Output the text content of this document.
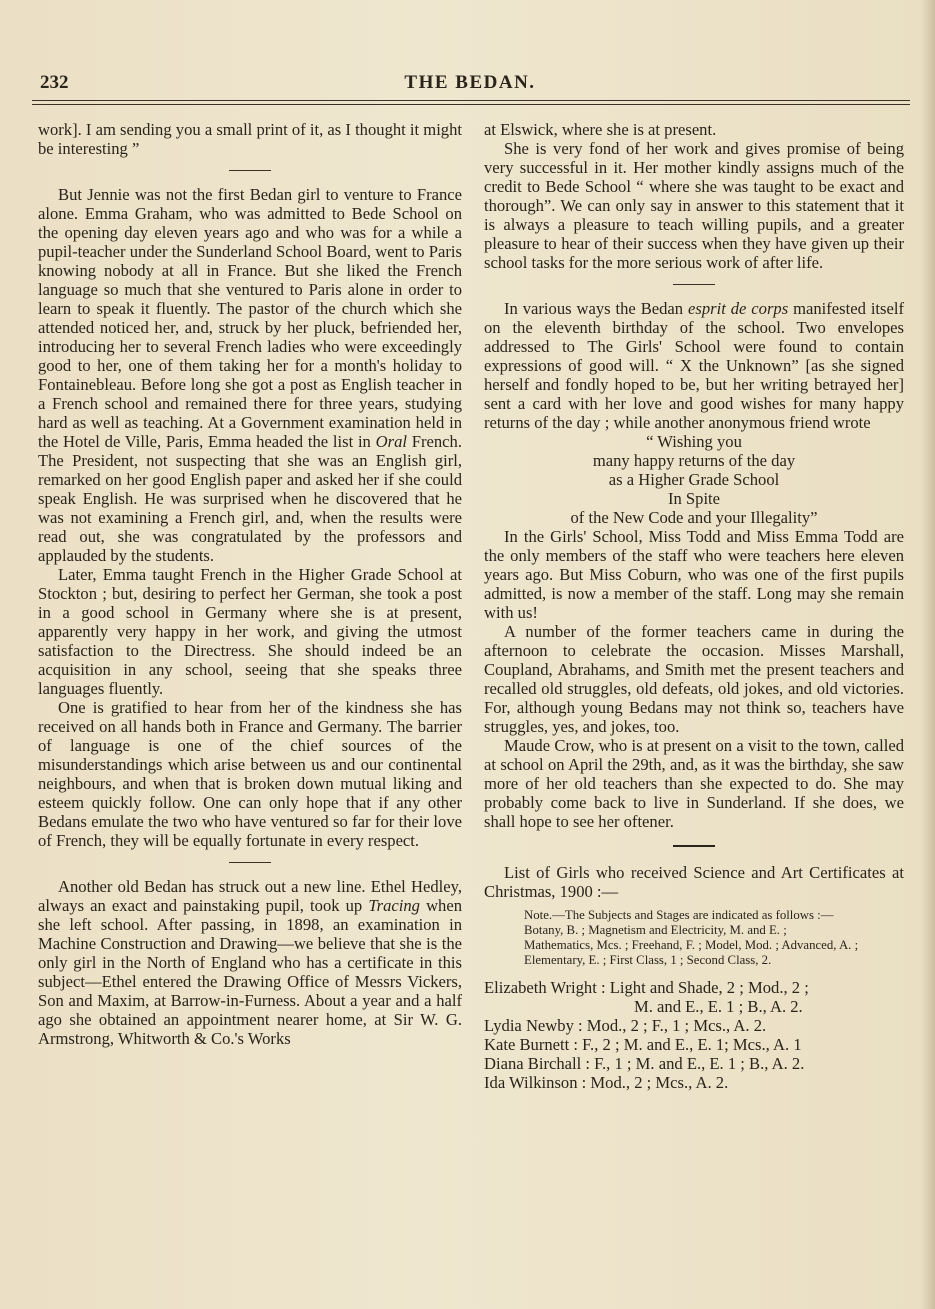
232	THE BEDAN.

work]. I am sending you a small print of it, as I thought it might be interesting ”

But Jennie was not the first Bedan girl to venture to France alone. Emma Graham, who was admitted to Bede School on the opening day eleven years ago and who was for a while a pupil-teacher under the Sunderland School Board, went to Paris knowing nobody at all in France. But she liked the French language so much that she ventured to Paris alone in order to learn to speak it fluently. The pastor of the church which she attended noticed her, and, struck by her pluck, befriended her, introducing her to several French ladies who were exceedingly good to her, one of them taking her for a month's holiday to Fontainebleau. Before long she got a post as English teacher in a French school and remained there for three years, studying hard as well as teaching. At a Government examination held in the Hotel de Ville, Paris, Emma headed the list in Oral French. The President, not suspecting that she was an English girl, remarked on her good English paper and asked her if she could speak English. He was surprised when he discovered that he was not examining a French girl, and, when the results were read out, she was congratulated by the professors and applauded by the students.

Later, Emma taught French in the Higher Grade School at Stockton ; but, desiring to perfect her German, she took a post in a good school in Germany where she is at present, apparently very happy in her work, and giving the utmost satisfaction to the Directress. She should indeed be an acquisition in any school, seeing that she speaks three languages fluently.

One is gratified to hear from her of the kindness she has received on all hands both in France and Germany. The barrier of language is one of the chief sources of the misunderstandings which arise between us and our continental neighbours, and when that is broken down mutual liking and esteem quickly follow. One can only hope that if any other Bedans emulate the two who have ventured so far for their love of French, they will be equally fortunate in every respect.

Another old Bedan has struck out a new line. Ethel Hedley, always an exact and painstaking pupil, took up Tracing when she left school. After passing, in 1898, an examination in Machine Construction and Drawing—we believe that she is the only girl in the North of England who has a certificate in this subject—Ethel entered the Drawing Office of Messrs Vickers, Son and Maxim, at Barrow-in-Furness. About a year and a half ago she obtained an appointment nearer home, at Sir W. G. Armstrong, Whitworth & Co.'s Works

at Elswick, where she is at present.

She is very fond of her work and gives promise of being very successful in it. Her mother kindly assigns much of the credit to Bede School “ where she was taught to be exact and thorough”. We can only say in answer to this statement that it is always a pleasure to teach willing pupils, and a greater pleasure to hear of their success when they have given up their school tasks for the more serious work of after life.

In various ways the Bedan esprit de corps manifested itself on the eleventh birthday of the school. Two envelopes addressed to The Girls' School were found to contain expressions of good will. “ X the Unknown” [as she signed herself and fondly hoped to be, but her writing betrayed her] sent a card with her love and good wishes for many happy returns of the day ; while another anonymous friend wrote

“ Wishing you
many happy returns of the day
as a Higher Grade School
In Spite
of the New Code and your Illegality”

In the Girls' School, Miss Todd and Miss Emma Todd are the only members of the staff who were teachers here eleven years ago. But Miss Coburn, who was one of the first pupils admitted, is now a member of the staff. Long may she remain with us!

A number of the former teachers came in during the afternoon to celebrate the occasion. Misses Marshall, Coupland, Abrahams, and Smith met the present teachers and recalled old struggles, old defeats, old jokes, and old victories. For, although young Bedans may not think so, teachers have struggles, yes, and jokes, too.

Maude Crow, who is at present on a visit to the town, called at school on April the 29th, and, as it was the birthday, she saw more of her old teachers than she expected to do. She may probably come back to live in Sunderland. If she does, we shall hope to see her oftener.

List of Girls who received Science and Art Certificates at Christmas, 1900 :—

Note.—The Subjects and Stages are indicated as follows :—Botany, B. ; Magnetism and Electricity, M. and E. ; Mathematics, Mcs. ; Freehand, F. ; Model, Mod. ; Advanced, A. ; Elementary, E. ; First Class, 1 ; Second Class, 2.

Elizabeth Wright : Light and Shade, 2 ; Mod., 2 ;

M. and E., E. 1 ; B., A. 2.

Lydia Newby : Mod., 2 ; F., 1 ; Mcs., A. 2.

Kate Burnett : F., 2 ; M. and E., E. 1; Mcs., A. 1

Diana Birchall : F., 1 ; M. and E., E. 1 ; B., A. 2.

Ida Wilkinson : Mod., 2 ; Mcs., A. 2.
